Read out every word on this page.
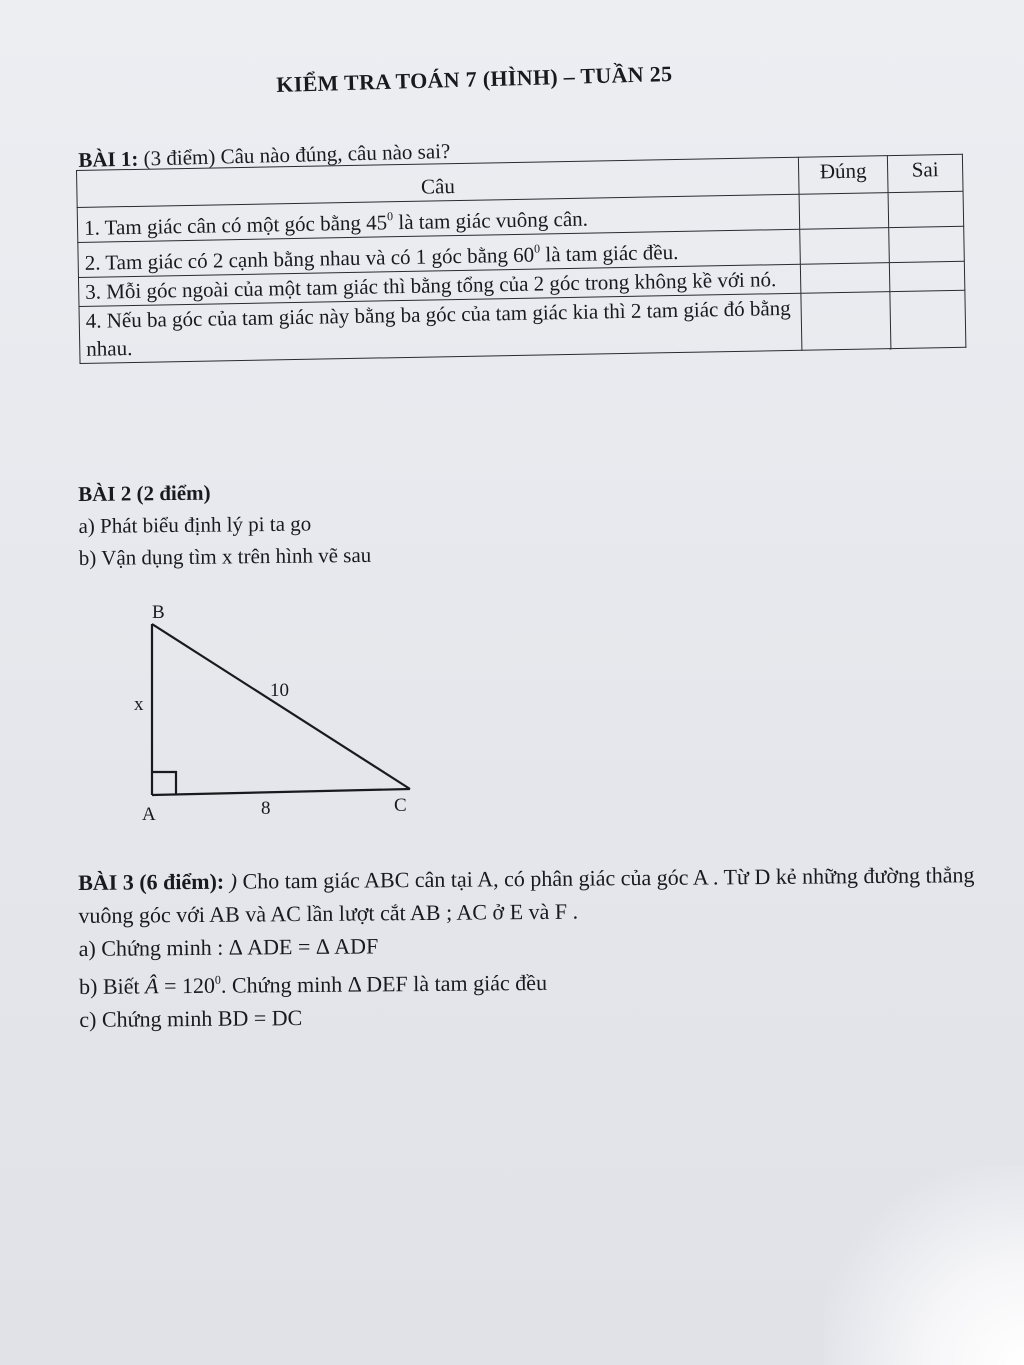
KIỂM TRA TOÁN 7 (HÌNH) – TUẦN 25
BÀI 1: (3 điểm) Câu nào đúng, câu nào sai?
Câu	Đúng	Sai
1. Tam giác cân có một góc bằng $45^0$ là tam giác vuông cân.		
2. Tam giác có 2 cạnh bằng nhau và có 1 góc bằng $60^0$ là tam giác đều.		
3. Mỗi góc ngoài của một tam giác thì bằng tổng của 2 góc trong không kề với nó.		
4. Nếu ba góc của tam giác này bằng ba góc của tam giác kia thì 2 tam giác đó bằng nhau.		
BÀI 2 (2 điểm)
a) Phát biểu định lý pi ta go
b) Vận dụng tìm x trên hình vẽ sau
B
A	C
x
10
8
BÀI 3 (6 điểm): ) Cho tam giác ABC cân tại A, có phân giác của góc A . Từ D kẻ những đường thẳng vuông góc với AB và AC lần lượt cắt AB ; AC ở E và F .
a) Chứng minh : Δ ADE = Δ ADF
b) Biết Â = $120^0$. Chứng minh Δ DEF là tam giác đều
c) Chứng minh BD = DC
